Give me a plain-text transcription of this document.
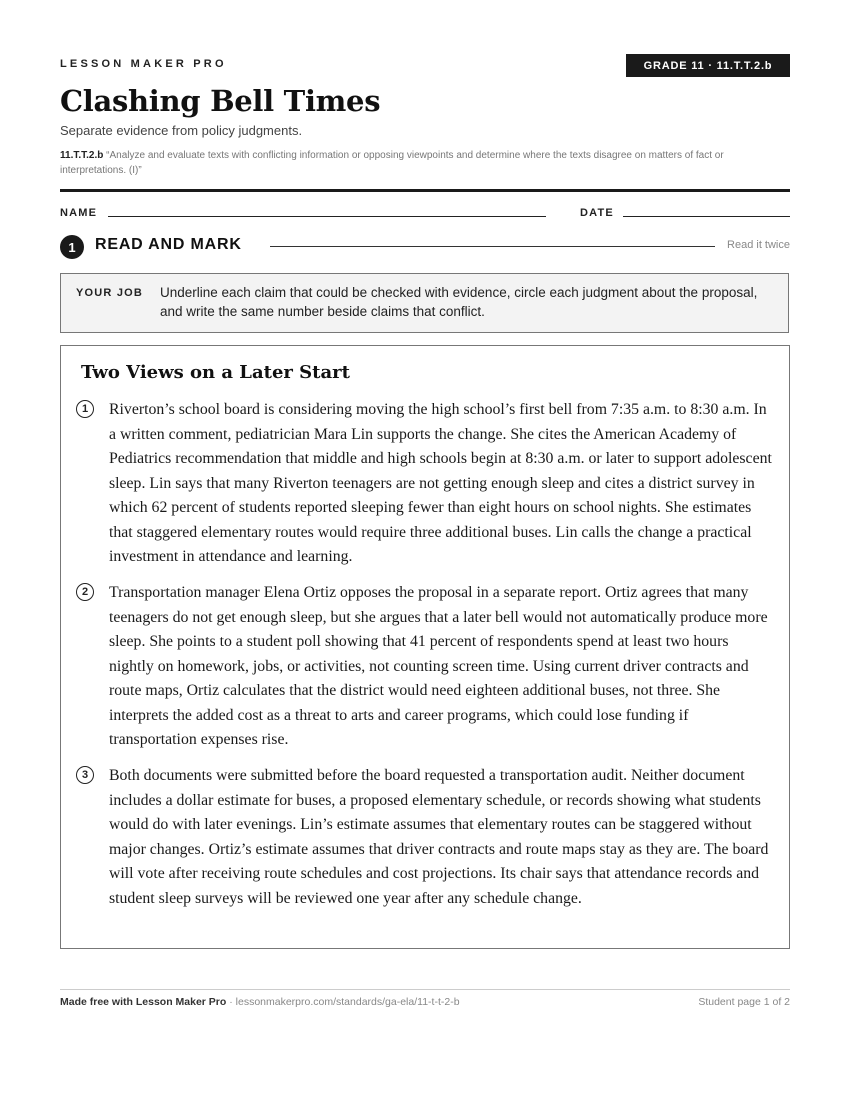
LESSON MAKER PRO	GRADE 11 · 11.T.T.2.b
Clashing Bell Times
Separate evidence from policy judgments.
11.T.T.2.b “Analyze and evaluate texts with conflicting information or opposing viewpoints and determine where the texts disagree on matters of fact or interpretations. (I)”
NAME	DATE
1	READ AND MARK	Read it twice
YOUR JOB Underline each claim that could be checked with evidence, circle each judgment about the proposal, and write the same number beside claims that conflict.
Two Views on a Later Start
1	Riverton’s school board is considering moving the high school’s first bell from 7:35 a.m. to 8:30 a.m. In a written comment, pediatrician Mara Lin supports the change. She cites the American Academy of Pediatrics recommendation that middle and high schools begin at 8:30 a.m. or later to support adolescent sleep. Lin says that many Riverton teenagers are not getting enough sleep and cites a district survey in which 62 percent of students reported sleeping fewer than eight hours on school nights. She estimates that staggered elementary routes would require three additional buses. Lin calls the change a practical investment in attendance and learning.

2	Transportation manager Elena Ortiz opposes the proposal in a separate report. Ortiz agrees that many teenagers do not get enough sleep, but she argues that a later bell would not automatically produce more sleep. She points to a student poll showing that 41 percent of respondents spend at least two hours nightly on homework, jobs, or activities, not counting screen time. Using current driver contracts and route maps, Ortiz calculates that the district would need eighteen additional buses, not three. She interprets the added cost as a threat to arts and career programs, which could lose funding if transportation expenses rise.

3	Both documents were submitted before the board requested a transportation audit. Neither document includes a dollar estimate for buses, a proposed elementary schedule, or records showing what students would do with later evenings. Lin’s estimate assumes that elementary routes can be staggered without major changes. Ortiz’s estimate assumes that driver contracts and route maps stay as they are. The board will vote after receiving route schedules and cost projections. Its chair says that attendance records and student sleep surveys will be reviewed one year after any schedule change.

Made free with Lesson Maker Pro · lessonmakerpro.com/standards/ga-ela/11-t-t-2-b	Student page 1 of 2
